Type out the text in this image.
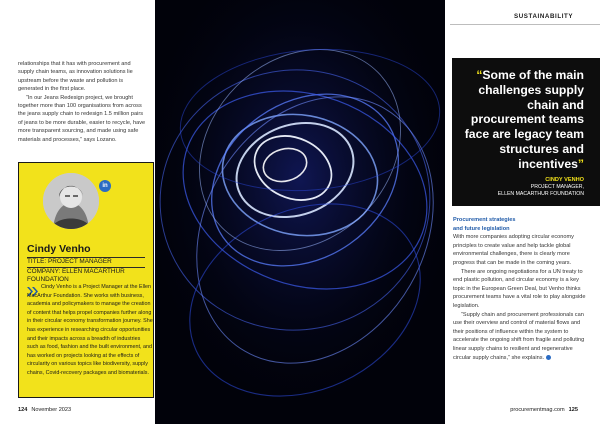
SUSTAINABILITY

relationships that it has with procurement and supply chain teams, as innovation solutions lie upstream before the waste and pollution is generated in the first place.

“In our Jeans Redesign project, we brought together more than 100 organisations from across the jeans supply chain to redesign 1.5 million pairs of jeans to be more durable, easier to recycle, have more transparent sourcing, and made using safe materials and processes,” says Lozano.

in
Cindy Venho
TITLE: PROJECT MANAGER
COMPANY: ELLEN MACARTHUR FOUNDATION
Cindy Venho is a Project Manager at the Ellen MacArthur Foundation. She works with business, academia and policymakers to manage the creation of content that helps propel companies further along in their circular economy transformation journey. She has experience in researching circular opportunities and their impacts across a breadth of industries such as food, fashion and the built environment, and has worked on projects looking at the effects of circularity on various topics like biodiversity, supply chains, Covid-recovery packages and biomaterials.
“Some of the main challenges supply chain and procurement teams face are legacy team structures and incentives”
CINDY VENHO
PROJECT MANAGER,
ELLEN MACARTHUR FOUNDATION
Procurement strategies
and future legislation

With more companies adopting circular economy principles to create value and help tackle global environmental challenges, there is clearly more progress that can be made in the coming years.

There are ongoing negotiations for a UN treaty to end plastic pollution, and circular economy is a key topic in the European Green Deal, but Venho thinks procurement teams have a vital role to play alongside legislation.

“Supply chain and procurement professionals can use their overview and control of material flows and their positions of influence within the system to accelerate the ongoing shift from fragile and polluting linear supply chains to resilient and regenerative circular supply chains,” she explains.

124 November 2023	procurementmag.com 125
